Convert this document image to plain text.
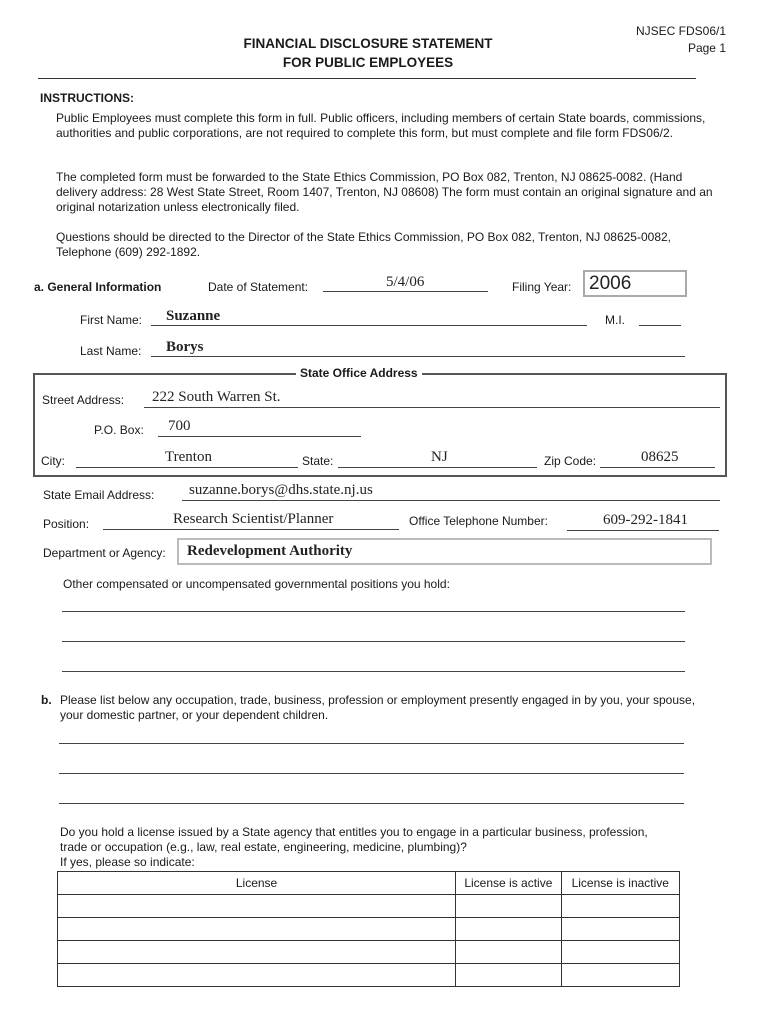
NJSEC FDS06/1
Page 1
FINANCIAL DISCLOSURE STATEMENT
FOR PUBLIC EMPLOYEES
INSTRUCTIONS:
Public Employees must complete this form in full. Public officers, including members of certain State boards, commissions, authorities and public corporations, are not required to complete this form, but must complete and file form FDS06/2.
The completed form must be forwarded to the State Ethics Commission, PO Box 082, Trenton, NJ 08625-0082. (Hand delivery address: 28 West State Street, Room 1407, Trenton, NJ 08608) The form must contain an original signature and an original notarization unless electronically filed.
Questions should be directed to the Director of the State Ethics Commission, PO Box 082, Trenton, NJ 08625-0082, Telephone (609) 292-1892.
a. General Information	Date of Statement:	5/4/06	Filing Year: 2006
First Name: Suzanne	M.I.
Last Name: Borys
State Office Address
Street Address: 222 South Warren St.
P.O. Box: 700
City:	Trenton	State:	NJ	Zip Code:	08625
State Email Address: suzanne.borys@dhs.state.nj.us
Position:	Research Scientist/Planner	Office Telephone Number:	609-292-1841
Department or Agency: Redevelopment Authority
Other compensated or uncompensated governmental positions you hold:
b. Please list below any occupation, trade, business, profession or employment presently engaged in by you, your spouse, your domestic partner, or your dependent children.
Do you hold a license issued by a State agency that entitles you to engage in a particular business, profession,
trade or occupation (e.g., law, real estate, engineering, medicine, plumbing)?
If yes, please so indicate:
License	License is active	License is inactive
